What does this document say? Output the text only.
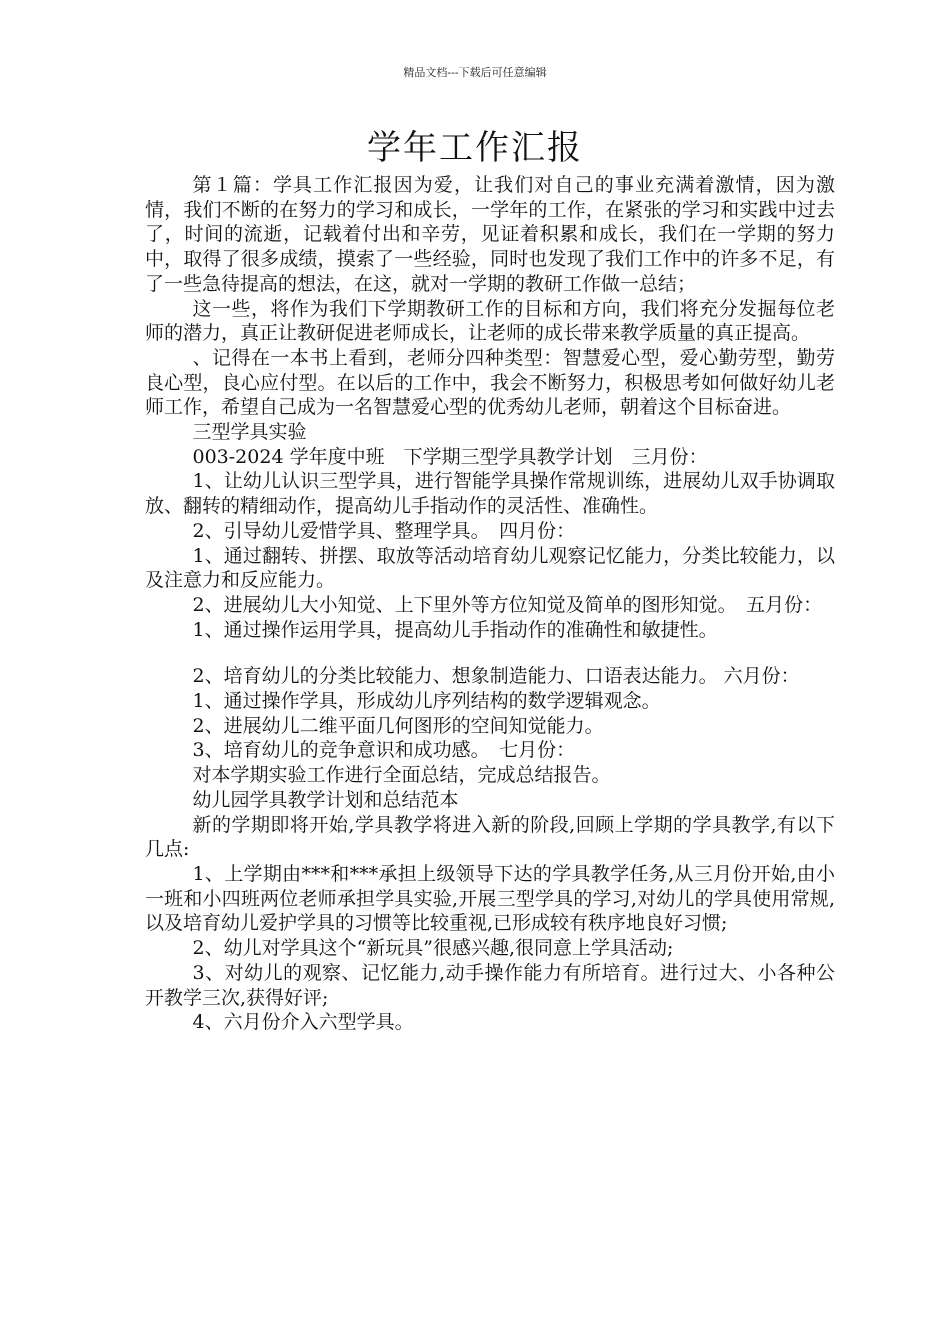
精品文档---下载后可任意编辑
学年工作汇报

第１篇：学具工作汇报因为爱，让我们对自己的事业充满着激情，因为激情，我们不断的在努力的学习和成长，一学年的工作，在紧张的学习和实践中过去了，时间的流逝，记载着付出和辛劳，见证着积累和成长，我们在一学期的努力中，取得了很多成绩，摸索了一些经验，同时也发现了我们工作中的许多不足，有了一些急待提高的想法，在这，就对一学期的教研工作做一总结；

这一些，将作为我们下学期教研工作的目标和方向，我们将充分发掘每位老师的潜力，真正让教研促进老师成长，让老师的成长带来教学质量的真正提高。

、记得在一本书上看到，老师分四种类型：智慧爱心型，爱心勤劳型，勤劳良心型，良心应付型。在以后的工作中，我会不断努力，积极思考如何做好幼儿老师工作，希望自己成为一名智慧爱心型的优秀幼儿老师，朝着这个目标奋进。

三型学具实验

003-2024 学年度中班　下学期三型学具教学计划　三月份：

1、让幼儿认识三型学具，进行智能学具操作常规训练，进展幼儿双手协调取放、翻转的精细动作，提高幼儿手指动作的灵活性、准确性。

2、引导幼儿爱惜学具、整理学具。　四月份：

1、通过翻转、拼摆、取放等活动培育幼儿观察记忆能力，分类比较能力，以及注意力和反应能力。

2、进展幼儿大小知觉、上下里外等方位知觉及简单的图形知觉。　五月份：

1、通过操作运用学具，提高幼儿手指动作的准确性和敏捷性。

2、培育幼儿的分类比较能力、想象制造能力、口语表达能力。 六月份：

1、通过操作学具，形成幼儿序列结构的数学逻辑观念。

2、进展幼儿二维平面几何图形的空间知觉能力。

3、培育幼儿的竞争意识和成功感。　七月份：

对本学期实验工作进行全面总结，完成总结报告。

幼儿园学具教学计划和总结范本

新的学期即将开始,学具教学将进入新的阶段,回顾上学期的学具教学,有以下几点:

1、上学期由***和***承担上级领导下达的学具教学任务,从三月份开始,由小一班和小四班两位老师承担学具实验,开展三型学具的学习,对幼儿的学具使用常规,以及培育幼儿爱护学具的习惯等比较重视,已形成较有秩序地良好习惯;

2、幼儿对学具这个“新玩具”很感兴趣,很同意上学具活动;

3、对幼儿的观察、记忆能力,动手操作能力有所培育。进行过大、小各种公开教学三次,获得好评;

4、六月份介入六型学具。
